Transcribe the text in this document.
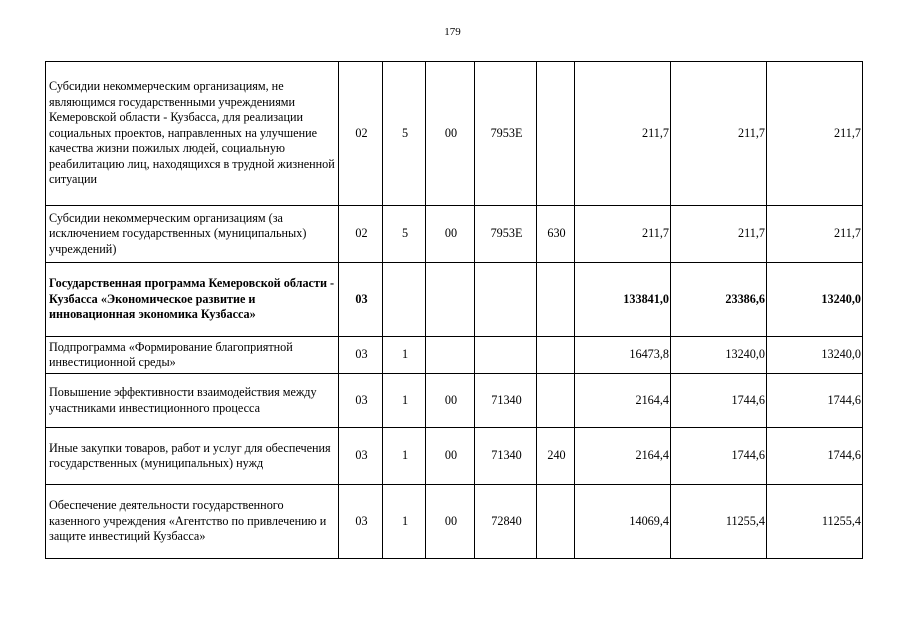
179
Субсидии некоммерческим организациям, не являющимся государственными учреждениями Кемеровской области - Кузбасса, для реализации социальных проектов, направленных на улучшение качества жизни пожилых людей, социальную реабилитацию лиц, находящихся в трудной жизненной ситуации	02	5	00	7953E		211,7	211,7	211,7
Субсидии некоммерческим организациям (за исключением государственных (муниципальных) учреждений)	02	5	00	7953E	630	211,7	211,7	211,7
Государственная программа Кемеровской области - Кузбасса «Экономическое развитие и инновационная экономика Кузбасса»	03					133841,0	23386,6	13240,0
Подпрограмма «Формирование благоприятной инвестиционной среды»	03	1				16473,8	13240,0	13240,0
Повышение эффективности взаимодействия между участниками инвестиционного процесса	03	1	00	71340		2164,4	1744,6	1744,6
Иные закупки товаров, работ и услуг для обеспечения государственных (муниципальных) нужд	03	1	00	71340	240	2164,4	1744,6	1744,6
Обеспечение деятельности государственного казенного учреждения «Агентство по привлечению и защите инвестиций Кузбасса»	03	1	00	72840		14069,4	11255,4	11255,4
